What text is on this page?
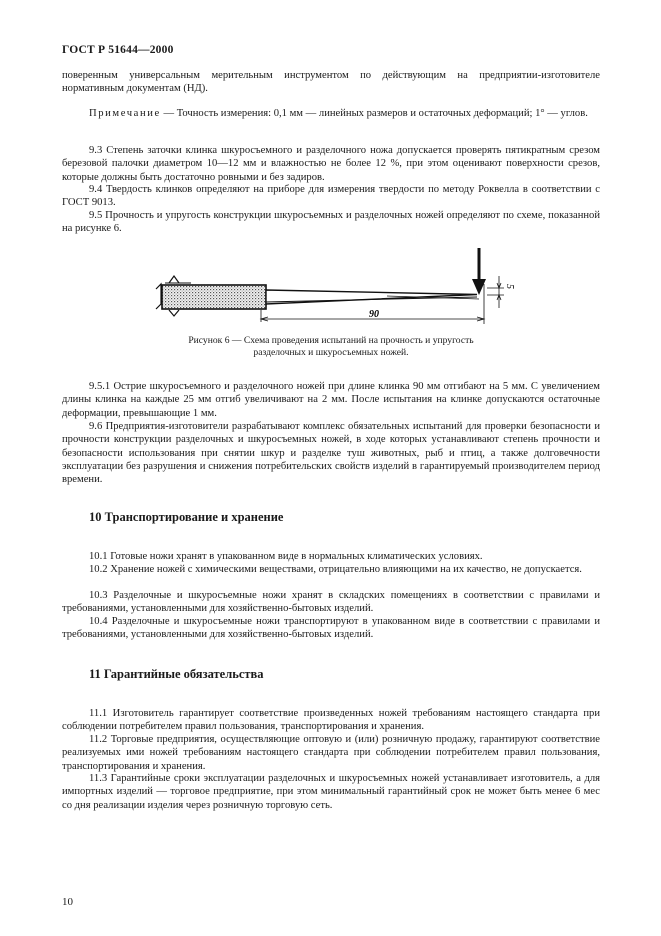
ГОСТ Р 51644—2000

поверенным универсальным мерительным инструментом по действующим на предприятии-изготовителе нормативным документам (НД).

Примечание — Точность измерения: 0,1 мм — линейных размеров и остаточных деформаций; 1° — углов.

9.3 Степень заточки клинка шкуросъемного и разделочного ножа допускается проверять пятикратным срезом березовой палочки диаметром 10—12 мм и влажностью не более 12 %, при этом оценивают поверхности срезов, которые должны быть достаточно ровными и без задиров.

9.4 Твердость клинков определяют на приборе для измерения твердости по методу Роквелла в соответствии с ГОСТ 9013.

9.5 Прочность и упругость конструкции шкуросъемных и разделочных ножей определяют по схеме, показанной на рисунке 6.

5
90
Рисунок 6 — Схема проведения испытаний на прочность и упругость
разделочных и шкуросъемных ножей.

9.5.1 Острие шкуросъемного и разделочного ножей при длине клинка 90 мм отгибают на 5 мм. С увеличением длины клинка на каждые 25 мм отгиб увеличивают на 2 мм. После испытания на клинке допускаются остаточные деформации, превышающие 1 мм.

9.6 Предприятия-изготовители разрабатывают комплекс обязательных испытаний для проверки безопасности и прочности конструкции разделочных и шкуросъемных ножей, в ходе которых устанавливают степень прочности и безопасности использования при снятии шкур и разделке туш животных, рыб и птиц, а также долговечности эксплуатации без разрушения и снижения потребительских свойств изделий в гарантируемый производителем период времени.

10 Транспортирование и хранение

10.1 Готовые ножи хранят в упакованном виде в нормальных климатических условиях.

10.2 Хранение ножей с химическими веществами, отрицательно влияющими на их качество, не допускается.

10.3 Разделочные и шкуросъемные ножи хранят в складских помещениях в соответствии с правилами и требованиями, установленными для хозяйственно-бытовых изделий.

10.4 Разделочные и шкуросъемные ножи транспортируют в упакованном виде в соответствии с правилами и требованиями, установленными для хозяйственно-бытовых изделий.

11 Гарантийные обязательства

11.1 Изготовитель гарантирует соответствие произведенных ножей требованиям настоящего стандарта при соблюдении потребителем правил пользования, транспортирования и хранения.

11.2 Торговые предприятия, осуществляющие оптовую и (или) розничную продажу, гарантируют соответствие реализуемых ими ножей требованиям настоящего стандарта при соблюдении потребителем правил пользования, транспортирования и хранения.

11.3 Гарантийные сроки эксплуатации разделочных и шкуросъемных ножей устанавливает изготовитель, а для импортных изделий — торговое предприятие, при этом минимальный гарантийный срок не может быть менее 6 мес со дня реализации изделия через розничную торговую сеть.

10
